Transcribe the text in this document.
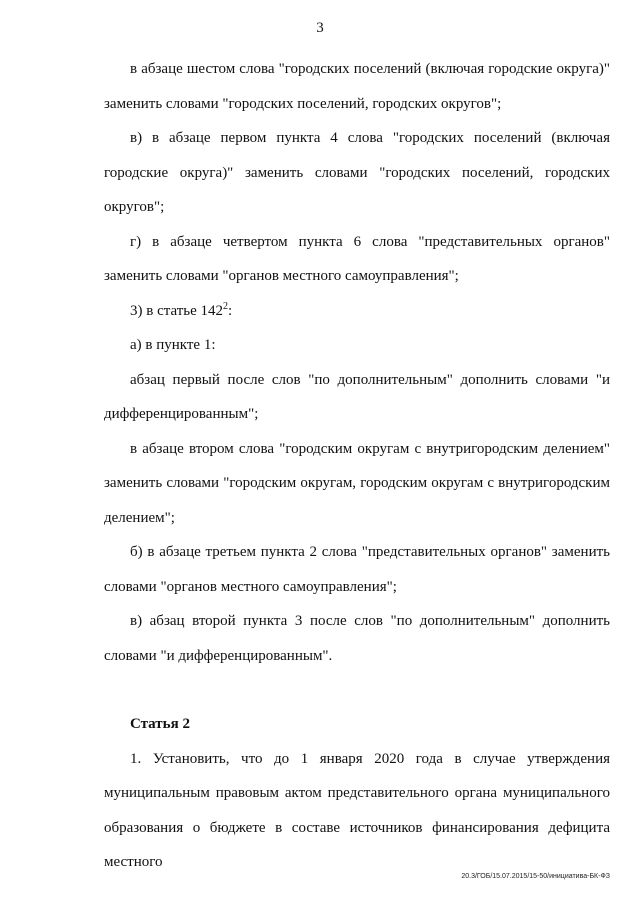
3

в абзаце шестом слова "городских поселений (включая городские округа)" заменить словами "городских поселений, городских округов";

в) в абзаце первом пункта 4 слова "городских поселений (включая городские округа)" заменить словами "городских поселений, городских округов";

г) в абзаце четвертом пункта 6 слова "представительных органов" заменить словами "органов местного самоуправления";

3) в статье $142^2$:

а) в пункте 1:

абзац первый после слов "по дополнительным" дополнить словами "и дифференцированным";

в абзаце втором слова "городским округам с внутригородским делением" заменить словами "городским округам, городским округам с внутригородским делением";

б) в абзаце третьем пункта 2 слова "представительных органов" заменить словами "органов местного самоуправления";

в) абзац второй пункта 3 после слов "по дополнительным" дополнить словами "и дифференцированным".

Статья 2

1. Установить, что до 1 января 2020 года в случае утверждения муниципальным правовым актом представительного органа муниципального образования о бюджете в составе источников финансирования дефицита местного

20.3/ГОБ/15.07.2015/15-50/инициатива-БК-ФЗ
